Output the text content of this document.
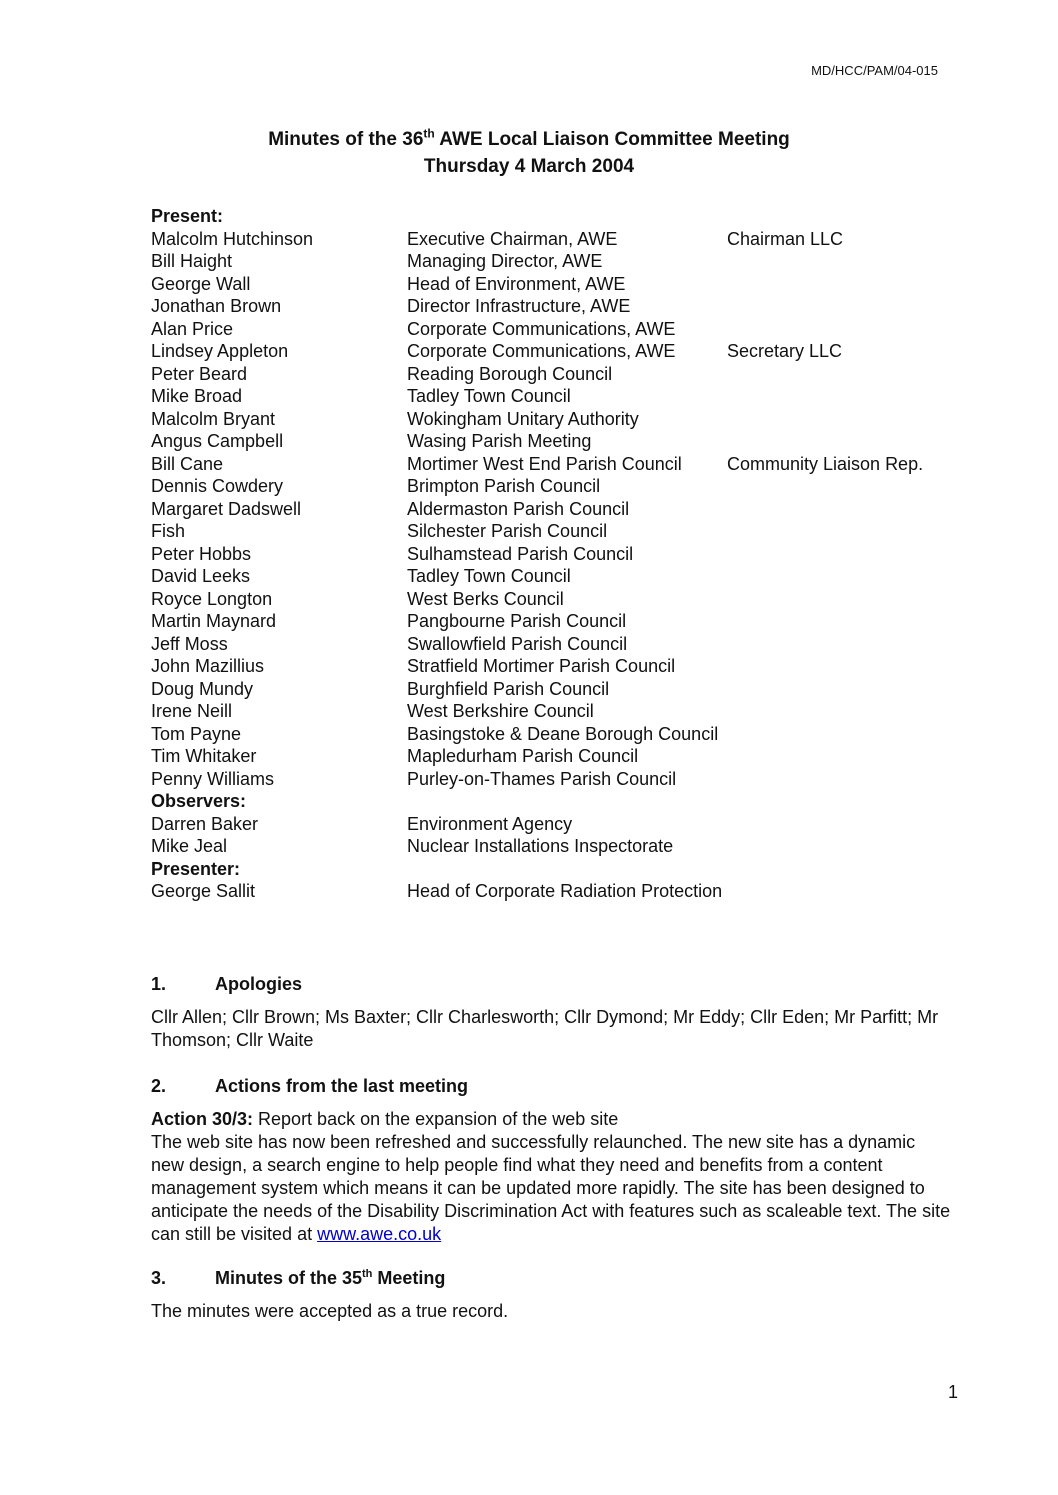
MD/HCC/PAM/04-015
Minutes of the 36th AWE Local Liaison Committee Meeting
Thursday 4 March 2004
Present:
Malcolm Hutchinson	Executive Chairman, AWE	Chairman LLC
Bill Haight	Managing Director, AWE
George Wall	Head of Environment, AWE
Jonathan Brown	Director Infrastructure, AWE
Alan Price	Corporate Communications, AWE
Lindsey Appleton	Corporate Communications, AWE	Secretary LLC
Peter Beard	Reading Borough Council
Mike Broad	Tadley Town Council
Malcolm Bryant	Wokingham Unitary Authority
Angus Campbell	Wasing Parish Meeting
Bill Cane	Mortimer West End Parish Council	Community Liaison Rep.
Dennis Cowdery	Brimpton Parish Council
Margaret Dadswell	Aldermaston Parish Council
Fish	Silchester Parish Council
Peter Hobbs	Sulhamstead Parish Council
David Leeks	Tadley Town Council
Royce Longton	West Berks Council
Martin Maynard	Pangbourne Parish Council
Jeff Moss	Swallowfield Parish Council
John Mazillius	Stratfield Mortimer Parish Council
Doug Mundy	Burghfield Parish Council
Irene Neill	West Berkshire Council
Tom Payne	Basingstoke & Deane Borough Council
Tim Whitaker	Mapledurham Parish Council
Penny Williams	Purley-on-Thames Parish Council
Observers:
Darren Baker	Environment Agency
Mike Jeal	Nuclear Installations Inspectorate
Presenter:
George Sallit	Head of Corporate Radiation Protection
1.	Apologies
Cllr Allen; Cllr Brown; Ms Baxter; Cllr Charlesworth; Cllr Dymond; Mr Eddy; Cllr Eden; Mr Parfitt; Mr Thomson; Cllr Waite
2.	Actions from the last meeting
Action 30/3: Report back on the expansion of the web site
The web site has now been refreshed and successfully relaunched. The new site has a dynamic new design, a search engine to help people find what they need and benefits from a content management system which means it can be updated more rapidly. The site has been designed to anticipate the needs of the Disability Discrimination Act with features such as scaleable text. The site can still be visited at www.awe.co.uk
3.	Minutes of the 35th Meeting
The minutes were accepted as a true record.
1
